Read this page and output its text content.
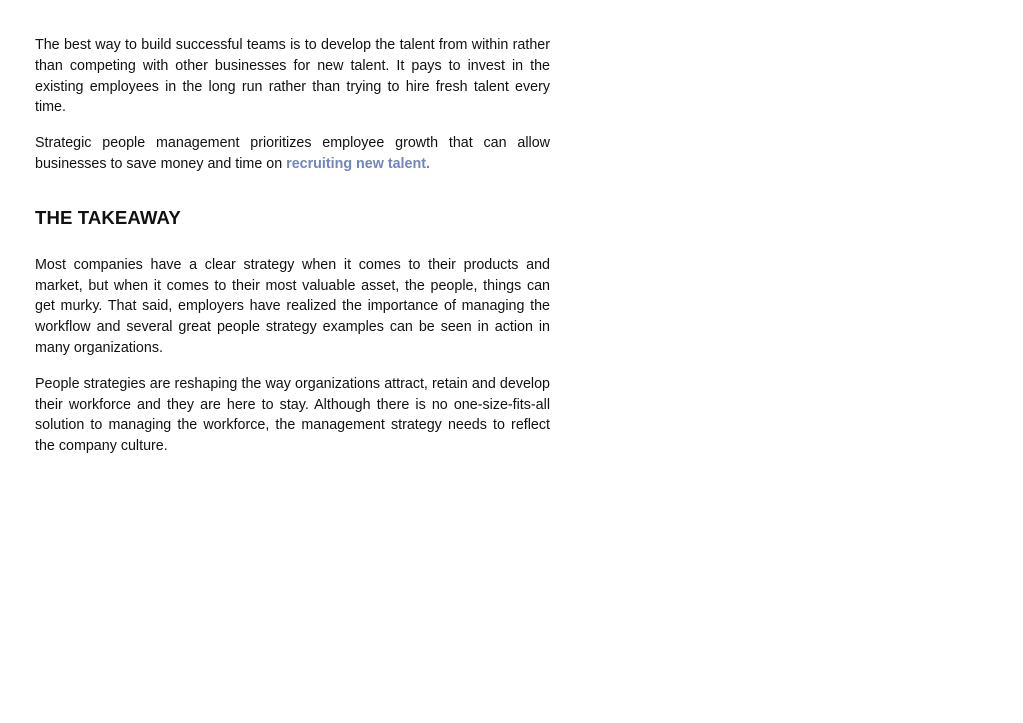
The best way to build successful teams is to develop the talent from within rather than competing with other businesses for new talent. It pays to invest in the existing employees in the long run rather than trying to hire fresh talent every time.

Strategic people management prioritizes employee growth that can allow businesses to save money and time on recruiting new talent.

THE TAKEAWAY

Most companies have a clear strategy when it comes to their products and market, but when it comes to their most valuable asset, the people, things can get murky. That said, employers have realized the importance of managing the workflow and several great people strategy examples can be seen in action in many organizations.

People strategies are reshaping the way organizations attract, retain and develop their workforce and they are here to stay. Although there is no one-size-fits-all solution to managing the workforce, the management strategy needs to reflect the company culture.
